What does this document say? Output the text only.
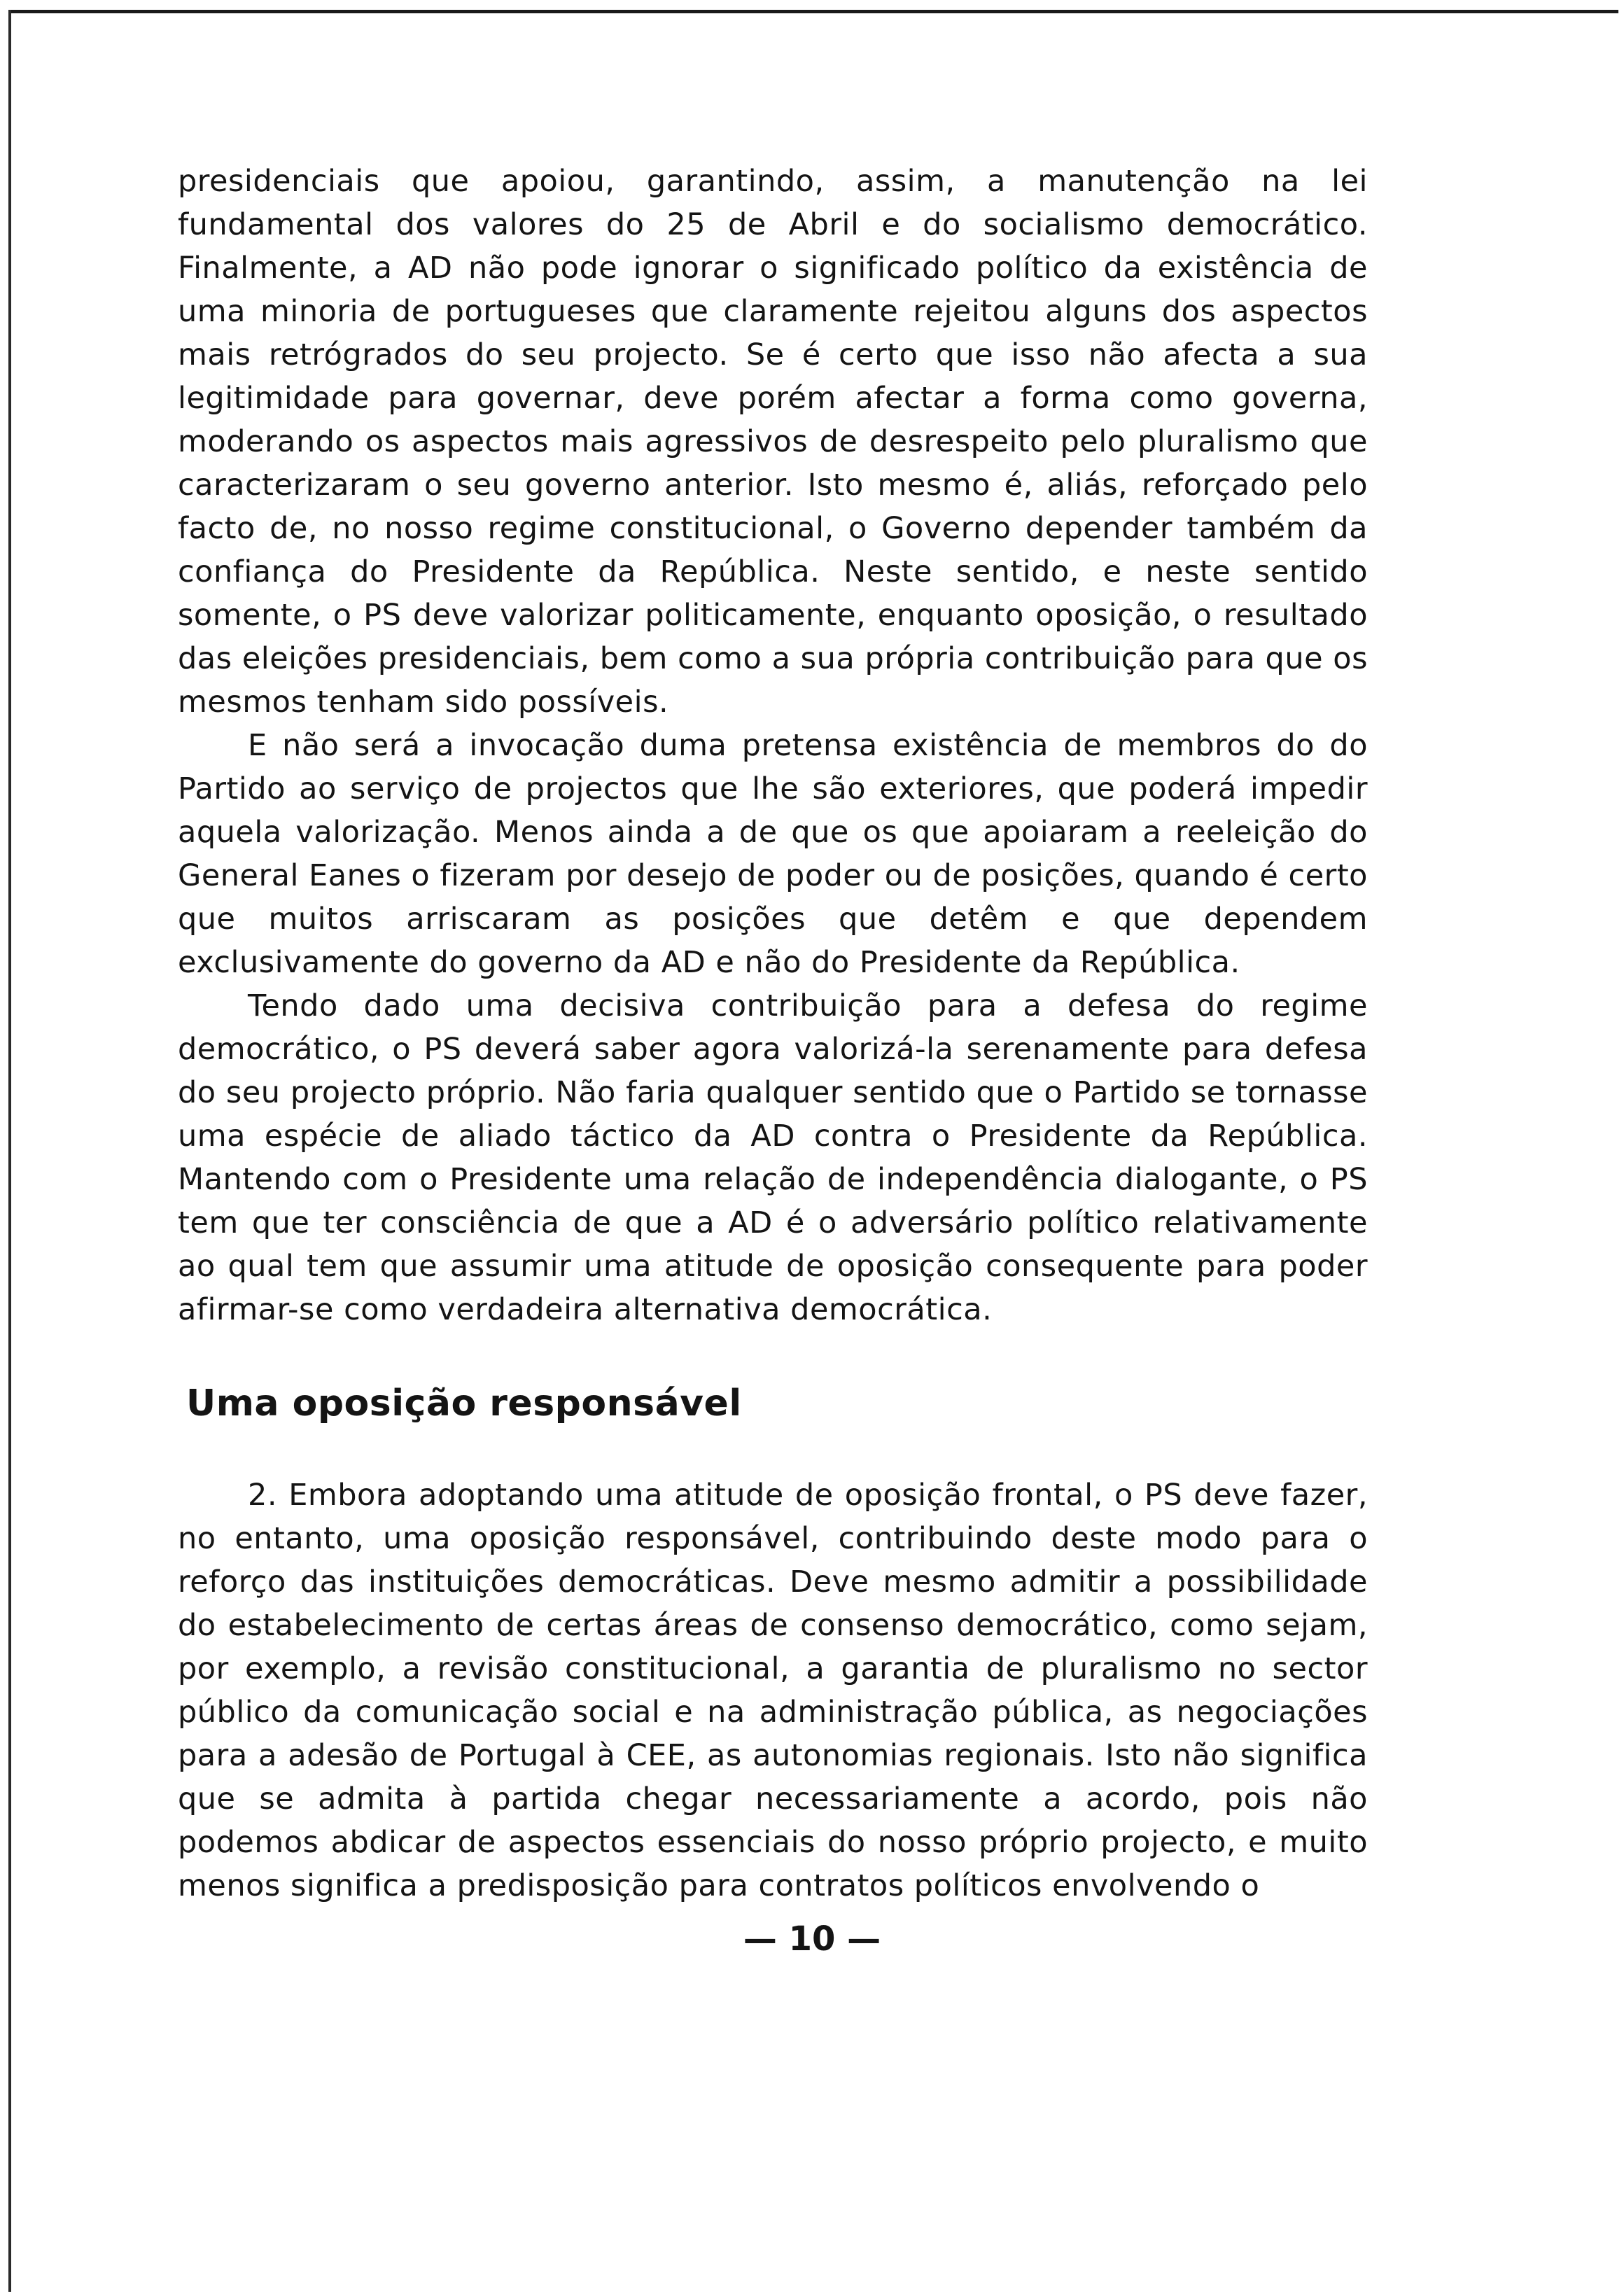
presidenciais que apoiou, garantindo, assim, a manutenção na lei fundamental dos valores do 25 de Abril e do socialismo democrático. Finalmente, a AD não pode ignorar o significado político da existência de uma minoria de portugueses que claramente rejeitou alguns dos aspectos mais retrógrados do seu projecto. Se é certo que isso não afecta a sua legitimidade para governar, deve porém afectar a forma como governa, moderando os aspectos mais agressivos de desrespeito pelo pluralismo que caracterizaram o seu governo anterior. Isto mesmo é, aliás, reforçado pelo facto de, no nosso regime constitucional, o Governo depender também da confiança do Presidente da República. Neste sentido, e neste sentido somente, o PS deve valorizar politicamente, enquanto oposição, o resultado das eleições presidenciais, bem como a sua própria contribuição para que os mesmos tenham sido possíveis.

E não será a invocação duma pretensa existência de membros do do Partido ao serviço de projectos que lhe são exteriores, que poderá impedir aquela valorização. Menos ainda a de que os que apoiaram a reeleição do General Eanes o fizeram por desejo de poder ou de posições, quando é certo que muitos arriscaram as posições que detêm e que dependem exclusivamente do governo da AD e não do Presidente da República.

Tendo dado uma decisiva contribuição para a defesa do regime democrático, o PS deverá saber agora valorizá-la serenamente para defesa do seu projecto próprio. Não faria qualquer sentido que o Partido se tornasse uma espécie de aliado táctico da AD contra o Presidente da República. Mantendo com o Presidente uma relação de independência dialogante, o PS tem que ter consciência de que a AD é o adversário político relativamente ao qual tem que assumir uma atitude de oposição consequente para poder afirmar-se como verdadeira alternativa democrática.

Uma oposição responsável

2. Embora adoptando uma atitude de oposição frontal, o PS deve fazer, no entanto, uma oposição responsável, contribuindo deste modo para o reforço das instituições democráticas. Deve mesmo admitir a possibilidade do estabelecimento de certas áreas de consenso democrático, como sejam, por exemplo, a revisão constitucional, a garantia de pluralismo no sector público da comunicação social e na administração pública, as negociações para a adesão de Portugal à CEE, as autonomias regionais. Isto não significa que se admita à partida chegar necessariamente a acordo, pois não podemos abdicar de aspectos essenciais do nosso próprio projecto, e muito menos significa a predisposição para contratos políticos envolvendo o

— 10 —
